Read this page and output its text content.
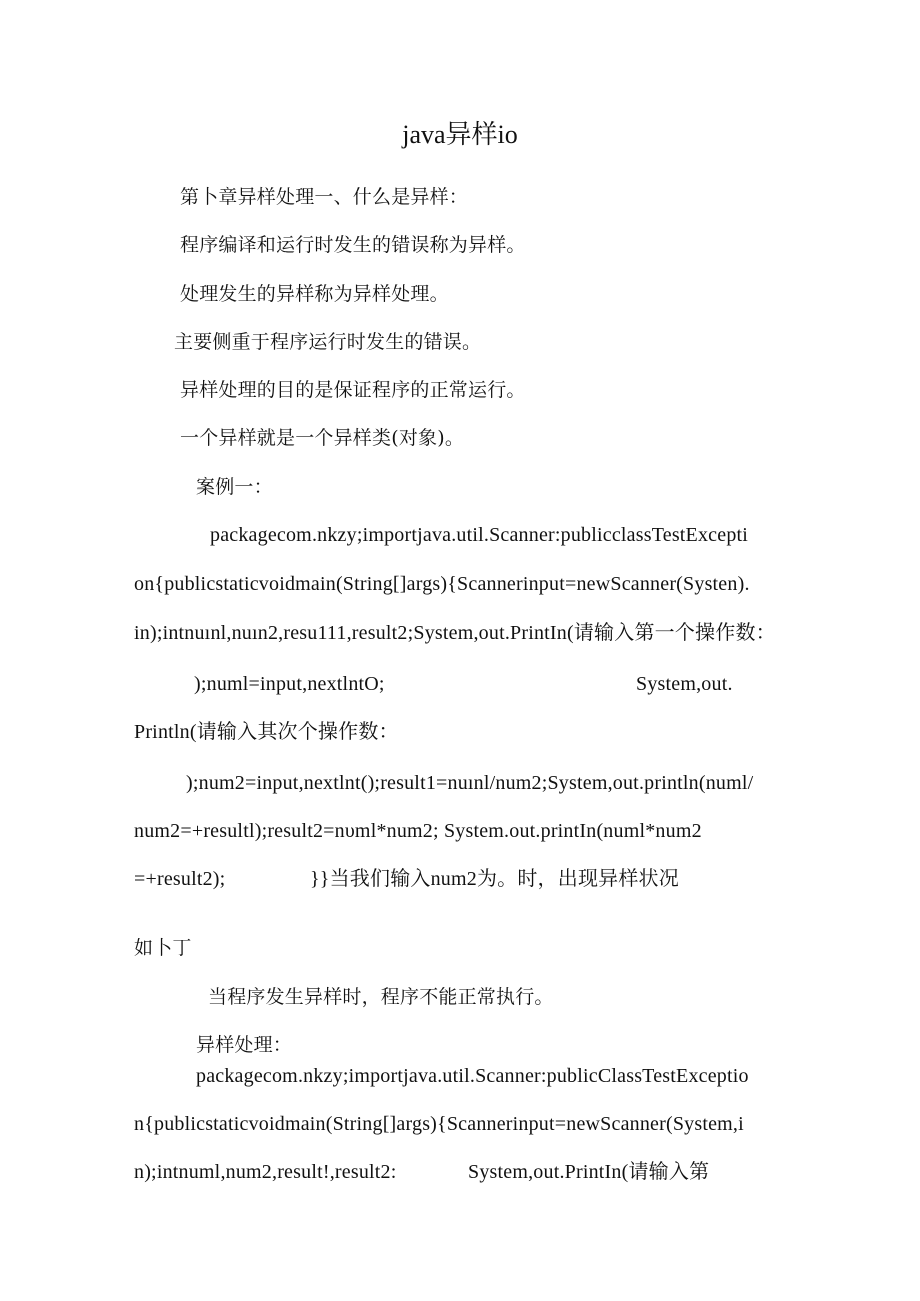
java异样io
第卜章异样处理一、什么是异样：
程序编译和运行时发生的错误称为异样。
处理发生的异样称为异样处理。
主要侧重于程序运行时发生的错误。
异样处理的目的是保证程序的正常运行。
一个异样就是一个异样类(对象)。
案例一：
packagecom.nkzy;importjava.util.Scanner:publicclassTestExcepti
on{publicstaticvoidmain(String[]args){Scannerinput=newScanner(Systen).
in);intnuınl,nuın2,resu111,result2;System,out.PrintIn(请输入第一个操作数：
);numl=input,nextlntO;	System,out.
Println(请输入其次个操作数：
);num2=input,nextlnt();result1=nuınl/num2;System,out.println(numl/
num2=+resultl);result2=nυml*num2; System.out.printIn(numl*num2
=+result2);	}}当我们输入num2为。时，出现异样状况
如卜丁
当程序发生异样时，程序不能正常执行。
异样处理：
packagecom.nkzy;importjava.util.Scanner:publicClassTestExceptio
n{publicstaticvoidmain(String[]args){Scannerinput=newScanner(System,i
n);intnuml,num2,result!,result2:	System,out.PrintIn(请输入第
